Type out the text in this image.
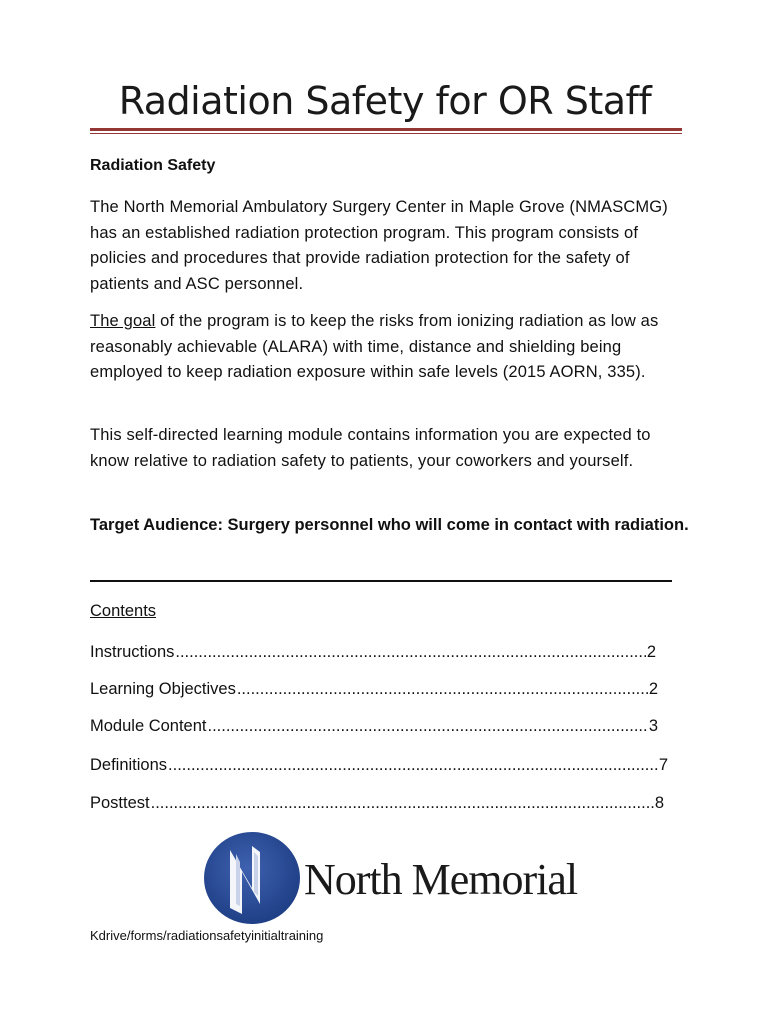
Radiation Safety for OR Staff
Radiation Safety
The North Memorial Ambulatory Surgery Center in Maple Grove (NMASCMG) has an established radiation protection program. This program consists of policies and procedures that provide radiation protection for the safety of patients and ASC personnel.
The goal of the program is to keep the risks from ionizing radiation as low as reasonably achievable (ALARA) with time, distance and shielding being employed to keep radiation exposure within safe levels (2015 AORN, 335).
This self-directed learning module contains information you are expected to know relative to radiation safety to patients, your coworkers and yourself.
Target Audience: Surgery personnel who will come in contact with radiation.
Contents
Instructions .....	2
Learning Objectives .....	2
Module Content .....	3
Definitions .....	7
Posttest .....	8
North Memorial
Kdrive/forms/radiationsafetyinitialtraining
